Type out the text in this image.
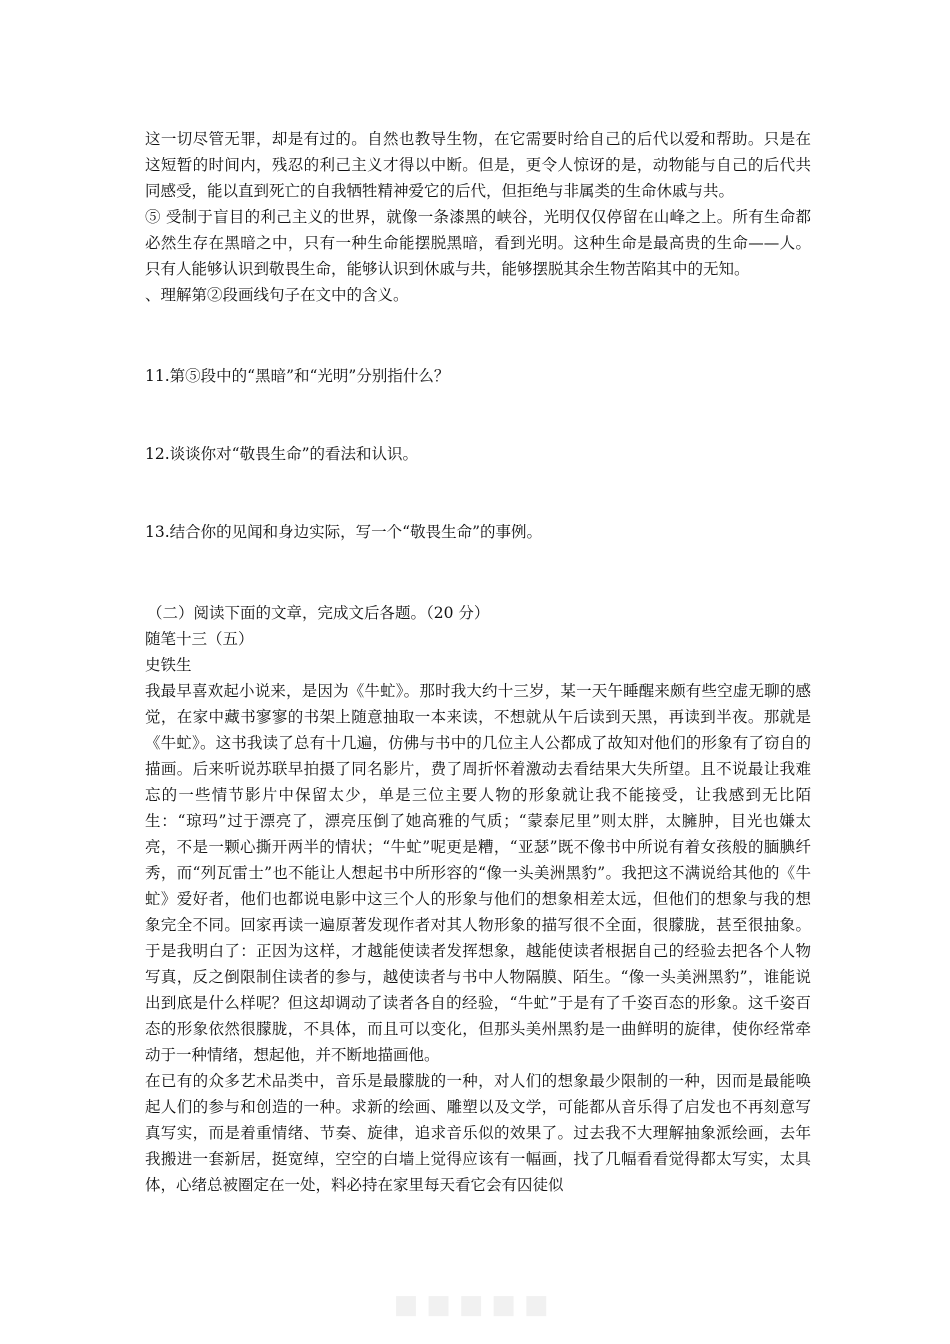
这一切尽管无罪，却是有过的。自然也教导生物，在它需要时给自己的后代以爱和帮助。只是在这短暂的时间内，残忍的利己主义才得以中断。但是，更令人惊讶的是，动物能与自己的后代共同感受，能以直到死亡的自我牺牲精神爱它的后代，但拒绝与非属类的生命休戚与共。

⑤ 受制于盲目的利己主义的世界，就像一条漆黑的峡谷，光明仅仅停留在山峰之上。所有生命都必然生存在黑暗之中，只有一种生命能摆脱黑暗，看到光明。这种生命是最高贵的生命——人。只有人能够认识到敬畏生命，能够认识到休戚与共，能够摆脱其余生物苦陷其中的无知。

、理解第②段画线句子在文中的含义。

11.第⑤段中的“黑暗”和“光明”分别指什么？

12.谈谈你对“敬畏生命”的看法和认识。

13.结合你的见闻和身边实际，写一个“敬畏生命”的事例。

（二）阅读下面的文章，完成文后各题。（20 分）

随笔十三（五）

史铁生

我最早喜欢起小说来，是因为《牛虻》。那时我大约十三岁，某一天午睡醒来颇有些空虚无聊的感觉，在家中藏书寥寥的书架上随意抽取一本来读，不想就从午后读到天黑，再读到半夜。那就是《牛虻》。这书我读了总有十几遍，仿佛与书中的几位主人公都成了故知对他们的形象有了窃自的描画。后来听说苏联早拍摄了同名影片，费了周折怀着激动去看结果大失所望。且不说最让我难忘的一些情节影片中保留太少，单是三位主要人物的形象就让我不能接受，让我感到无比陌生：“琼玛”过于漂亮了，漂亮压倒了她高雅的气质；“蒙泰尼里”则太胖，太臃肿，目光也嫌太亮，不是一颗心撕开两半的情状；“牛虻”呢更是糟，“亚瑟”既不像书中所说有着女孩般的腼腆纤秀，而“列瓦雷士”也不能让人想起书中所形容的“像一头美洲黑豹”。我把这不满说给其他的《牛虻》爱好者，他们也都说电影中这三个人的形象与他们的想象相差太远，但他们的想象与我的想象完全不同。回家再读一遍原著发现作者对其人物形象的描写很不全面，很朦胧，甚至很抽象。于是我明白了：正因为这样，才越能使读者发挥想象，越能使读者根据自己的经验去把各个人物写真，反之倒限制住读者的参与，越使读者与书中人物隔膜、陌生。“像一头美洲黑豹”，谁能说出到底是什么样呢？但这却调动了读者各自的经验，“牛虻”于是有了千姿百态的形象。这千姿百态的形象依然很朦胧，不具体，而且可以变化，但那头美州黑豹是一曲鲜明的旋律，使你经常牵动于一种情绪，想起他，并不断地描画他。

在已有的众多艺术品类中，音乐是最朦胧的一种，对人们的想象最少限制的一种，因而是最能唤起人们的参与和创造的一种。求新的绘画、雕塑以及文学，可能都从音乐得了启发也不再刻意写真写实，而是着重情绪、节奏、旋律，追求音乐似的效果了。过去我不大理解抽象派绘画，去年我搬进一套新居，挺宽绰，空空的白墙上觉得应该有一幅画，找了几幅看看觉得都太写实，太具体，心绪总被圈定在一处，料必持在家里每天看它会有囚徒似

■■■■■
